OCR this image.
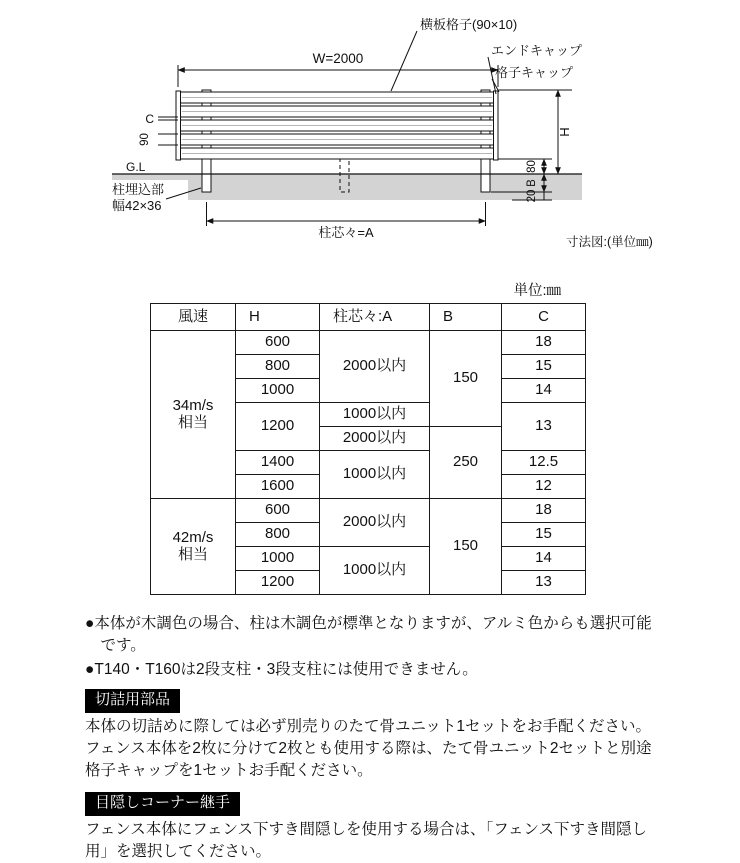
W=2000
横板格子(90×10)
エンドキャップ
格子キャップ
H
80
B
20
C
90
G.L
柱埋込部
幅42×36
柱芯々=A
寸法図:(単位㎜)
単位:㎜
風速	H	柱芯々:A	B	C

34m/s
相当	600	2000以内	150	18
	800			15
	1000			14
	1200	1000以内		13
		2000以内	250	
	1400	1000以内		12.5
	1600			12

42m/s
相当	600	2000以内	150	18
	800			15
	1000	1000以内		14
	1200			13

●本体が木調色の場合、柱は木調色が標準となりますが、アルミ色からも選択可能です。

●T140・T160は2段支柱・3段支柱には使用できません。

切詰用部品

本体の切詰めに際しては必ず別売りのたて骨ユニット1セットをお手配ください。フェンス本体を2枚に分けて2枚とも使用する際は、たて骨ユニット2セットと別途格子キャップを1セットお手配ください。

目隠しコーナー継手

フェンス本体にフェンス下すき間隠しを使用する場合は、「フェンス下すき間隠し用」を選択してください。
